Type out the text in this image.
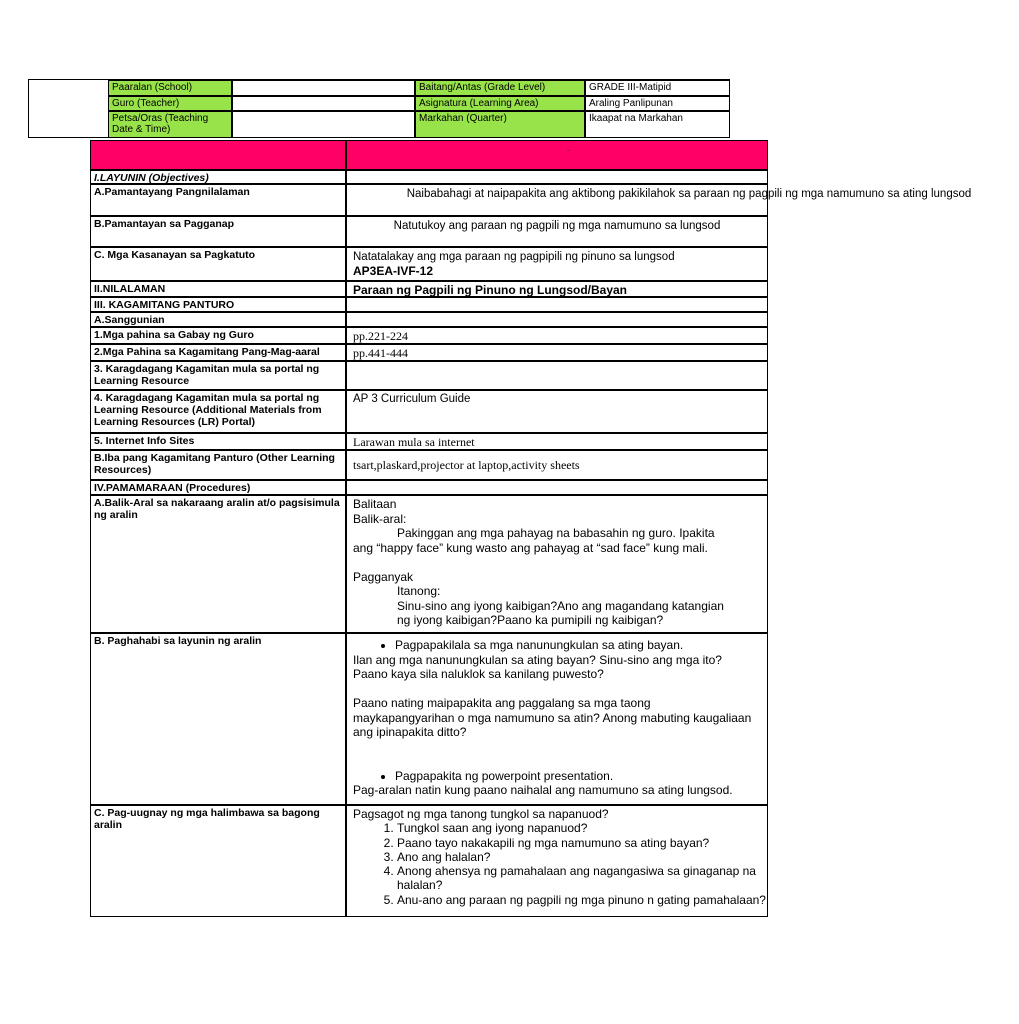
Paaralan (School)	Baitang/Antas (Grade Level)	GRADE III-Matipid
Guro (Teacher)	Asignatura (Learning Area)	Araling Panlipunan
Petsa/Oras (Teaching Date & Time)
Markahan (Quarter)	Ikaapat na Markahan
-
I.LAYUNIN (Objectives)
A.Pamantayang Pangnilalaman	Naibabahagi at naipapakita ang aktibong pakikilahok sa paraan ng pagpili ng mga namumuno sa ating lungsod
B.Pamantayan sa Pagganap	Natutukoy ang paraan ng pagpili ng mga namumuno sa lungsod
C. Mga Kasanayan sa Pagkatuto	Natatalakay ang mga paraan ng pagpipili ng pinuno sa lungsod
AP3EA-IVF-12
II.NILALAMAN	Paraan ng Pagpili ng Pinuno ng Lungsod/Bayan
III. KAGAMITANG PANTURO
A.Sanggunian
1.Mga pahina sa Gabay ng Guro	pp.221-224
2.Mga Pahina sa Kagamitang Pang-Mag-aaral	pp.441-444
3. Karagdagang Kagamitan mula sa portal ng Learning Resource
4. Karagdagang Kagamitan mula sa portal ng Learning Resource (Additional Materials from Learning Resources (LR) Portal)
AP 3 Curriculum Guide
5. Internet Info Sites	Larawan mula sa internet
B.Iba pang Kagamitang Panturo (Other Learning Resources)	tsart,plaskard,projector at laptop,activity sheets
IV.PAMAMARAAN (Procedures)
A.Balik-Aral sa nakaraang aralin at/o pagsisimula ng aralin

Balitaan

Balik-aral:

Pakinggan ang mga pahayag na babasahin ng guro. Ipakita

ang “happy face” kung wasto ang pahayag at “sad face” kung mali.

Pagganyak

Itanong:

Sinu-sino ang iyong kaibigan?Ano ang magandang katangian

ng iyong kaibigan?Paano ka pumipili ng kaibigan?

B. Paghahabi sa layunin ng aralin
•	Pagpapakilala sa mga nanunungkulan sa ating bayan.

Ilan ang mga nanunungkulan sa ating bayan? Sinu-sino ang mga ito?

Paano kaya sila naluklok sa kanilang puwesto?

Paano nating maipapakita ang paggalang sa mga taong maykapangyarihan o mga namumuno sa atin? Anong mabuting kaugaliaan ang ipinapakita ditto?

• Pagpapakita ng powerpoint presentation.

Pag-aralan natin kung paano naihalal ang namumuno sa ating lungsod.

C. Pag-uugnay ng mga halimbawa sa bagong aralin

Pagsagot ng mga tanong tungkol sa napanuod?

1. Tungkol saan ang iyong napanuod?
2. Paano tayo nakakapili ng mga namumuno sa ating bayan?
3. Ano ang halalan?
4. Anong ahensya ng pamahalaan ang nagangasiwa sa ginaganap na halalan?
5. Anu-ano ang paraan ng pagpili ng mga pinuno n gating pamahalaan?
